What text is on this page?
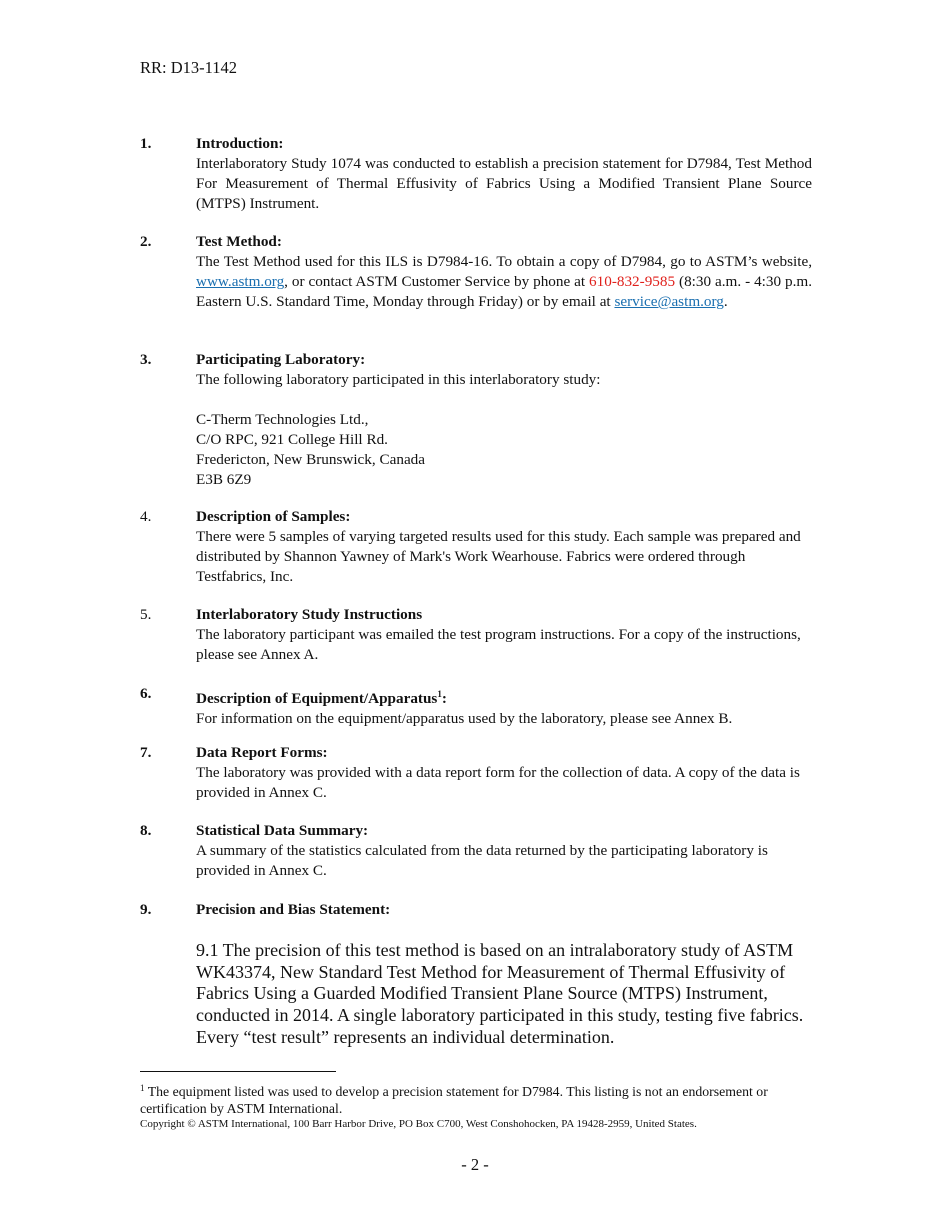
RR: D13-1142
1.	Introduction:
Interlaboratory Study 1074 was conducted to establish a precision statement for D7984, Test Method For Measurement of Thermal Effusivity of Fabrics Using a Modified Transient Plane Source (MTPS) Instrument.
2.	Test Method:
The Test Method used for this ILS is D7984-16. To obtain a copy of D7984, go to ASTM’s website, www.astm.org, or contact ASTM Customer Service by phone at 610-832-9585 (8:30 a.m. - 4:30 p.m. Eastern U.S. Standard Time, Monday through Friday) or by email at service@astm.org.
3.	Participating Laboratory:
The following laboratory participated in this interlaboratory study:
C-Therm Technologies Ltd.,
C/O RPC, 921 College Hill Rd.
Fredericton, New Brunswick, Canada
E3B 6Z9
4.	Description of Samples:
There were 5 samples of varying targeted results used for this study. Each sample was prepared and distributed by Shannon Yawney of Mark's Work Wearhouse. Fabrics were ordered through Testfabrics, Inc.
5.	Interlaboratory Study Instructions
The laboratory participant was emailed the test program instructions. For a copy of the instructions, please see Annex A.
6.	Description of Equipment/Apparatus$^1$:
For information on the equipment/apparatus used by the laboratory, please see Annex B.
7.	Data Report Forms:
The laboratory was provided with a data report form for the collection of data. A copy of the data is provided in Annex C.
8.	Statistical Data Summary:
A summary of the statistics calculated from the data returned by the participating laboratory is provided in Annex C.
9.	Precision and Bias Statement:
9.1 The precision of this test method is based on an intralaboratory study of ASTM WK43374, New Standard Test Method for Measurement of Thermal Effusivity of Fabrics Using a Guarded Modified Transient Plane Source (MTPS) Instrument, conducted in 2014. A single laboratory participated in this study, testing five fabrics. Every “test result” represents an individual determination.
$^1$ The equipment listed was used to develop a precision statement for D7984. This listing is not an endorsement or certification by ASTM International.
Copyright © ASTM International, 100 Barr Harbor Drive, PO Box C700, West Conshohocken, PA 19428-2959, United States.
- 2 -
